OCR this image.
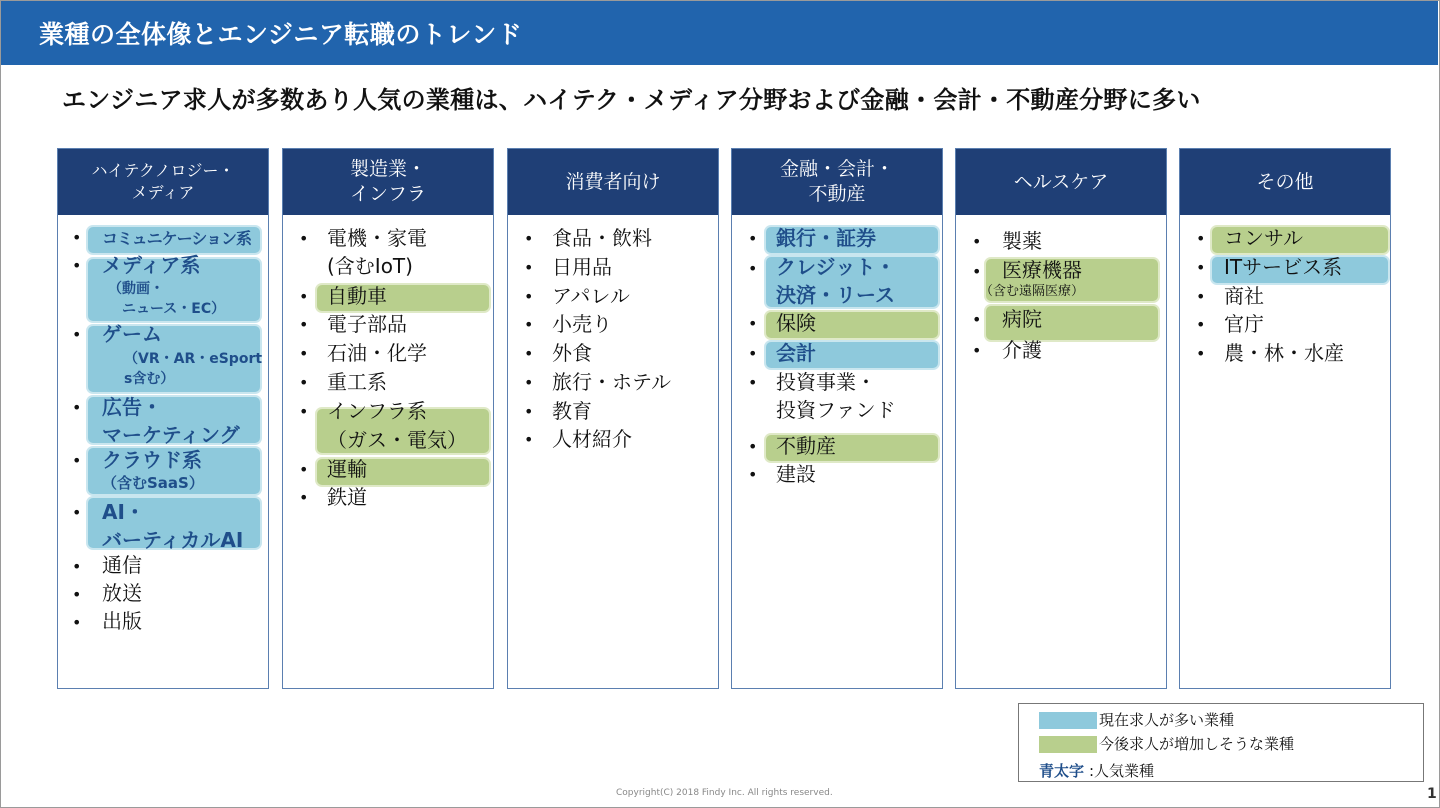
業種の全体像とエンジニア転職のトレンド
エンジニア求人が多数あり人気の業種は、ハイテク・メディア分野および金融・会計・不動産分野に多い
ハイテクノロジー・
メディア
• コミュニケーション系
• メディア系
（動画・
　ニュース・EC）
• ゲーム
（VR・AR・eSport
s含む）
• 広告・
マーケティング
• クラウド系
（含むSaaS）
• AI・
バーティカルAI
• 通信
• 放送
• 出版
製造業・
インフラ
• 電機・家電
(含むIoT)
• 自動車
• 電子部品
• 石油・化学
• 重工系
• インフラ系
（ガス・電気）
• 運輸
• 鉄道
消費者向け
• 食品・飲料
• 日用品
• アパレル
• 小売り
• 外食
• 旅行・ホテル
• 教育
• 人材紹介
金融・会計・
不動産
• 銀行・証券
• クレジット・
決済・リース
• 保険
• 会計
• 投資事業・
投資ファンド
• 不動産
• 建設
ヘルスケア
• 製薬
• 医療機器
（含む遠隔医療）
• 病院
• 介護
その他
• コンサル
• ITサービス系
• 商社
• 官庁
• 農・林・水産
現在求人が多い業種
今後求人が増加しそうな業種
青太字 :人気業種
Copyright(C) 2018 Findy Inc. All rights reserved.	1
